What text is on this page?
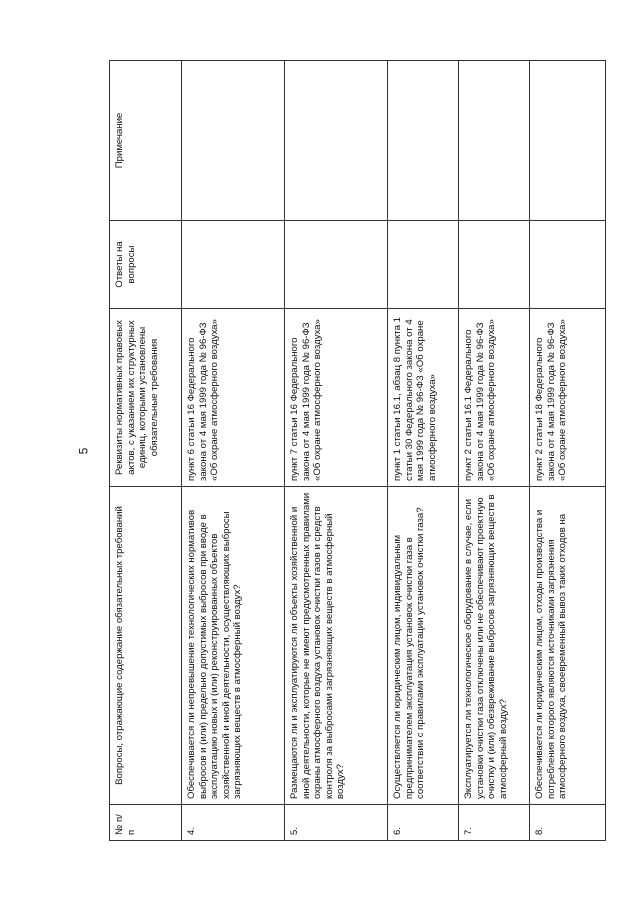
5
№ п/п	Вопросы, отражающие содержание обязательных требований	Реквизиты нормативных правовых актов, с указанием их структурных единиц, которыми установлены обязательные требования	Ответы на вопросы	Примечание
4.	Обеспечивается ли непревышение технологических нормативов выбросов и (или) предельно допустимых выбросов при вводе в эксплуатацию новых и (или) реконструированных объектов хозяйственной и иной деятельности, осуществляющих выбросы загрязняющих веществ в атмосферный воздух?	пункт 6 статьи 16 Федерального закона от 4 мая 1999 года № 96-ФЗ «Об охране атмосферного воздуха»		
5.	Размещаются ли и эксплуатируются ли объекты хозяйственной и иной деятельности, которые не имеют предусмотренных правилами охраны атмосферного воздуха установок очистки газов и средств контроля за выбросами загрязняющих веществ в атмосферный воздух?	пункт 7 статьи 16 Федерального закона от 4 мая 1999 года № 96-ФЗ «Об охране атмосферного воздуха»		
6.	Осуществляется ли юридическим лицом, индивидуальным предпринимателем эксплуатация установок очистки газа в соответствии с правилами эксплуатации установок очистки газа?	пункт 1 статьи 16.1, абзац 8 пункта 1 статьи 30 Федерального закона от 4 мая 1999 года № 96-ФЗ «Об охране атмосферного воздуха»		
7.	Эксплуатируется ли технологическое оборудование в случае, если установки очистки газа отключены или не обеспечивают проектную очистку и (или) обезвреживание выбросов загрязняющих веществ в атмосферный воздух?	пункт 2 статьи 16.1 Федерального закона от 4 мая 1999 года № 96-ФЗ «Об охране атмосферного воздуха»		
8.	Обеспечивается ли юридическим лицом, отходы производства и потребления которого являются источниками загрязнения атмосферного воздуха, своевременный вывоз таких отходов на	пункт 2 статьи 18 Федерального закона от 4 мая 1999 года № 96-ФЗ «Об охране атмосферного воздуха»		
